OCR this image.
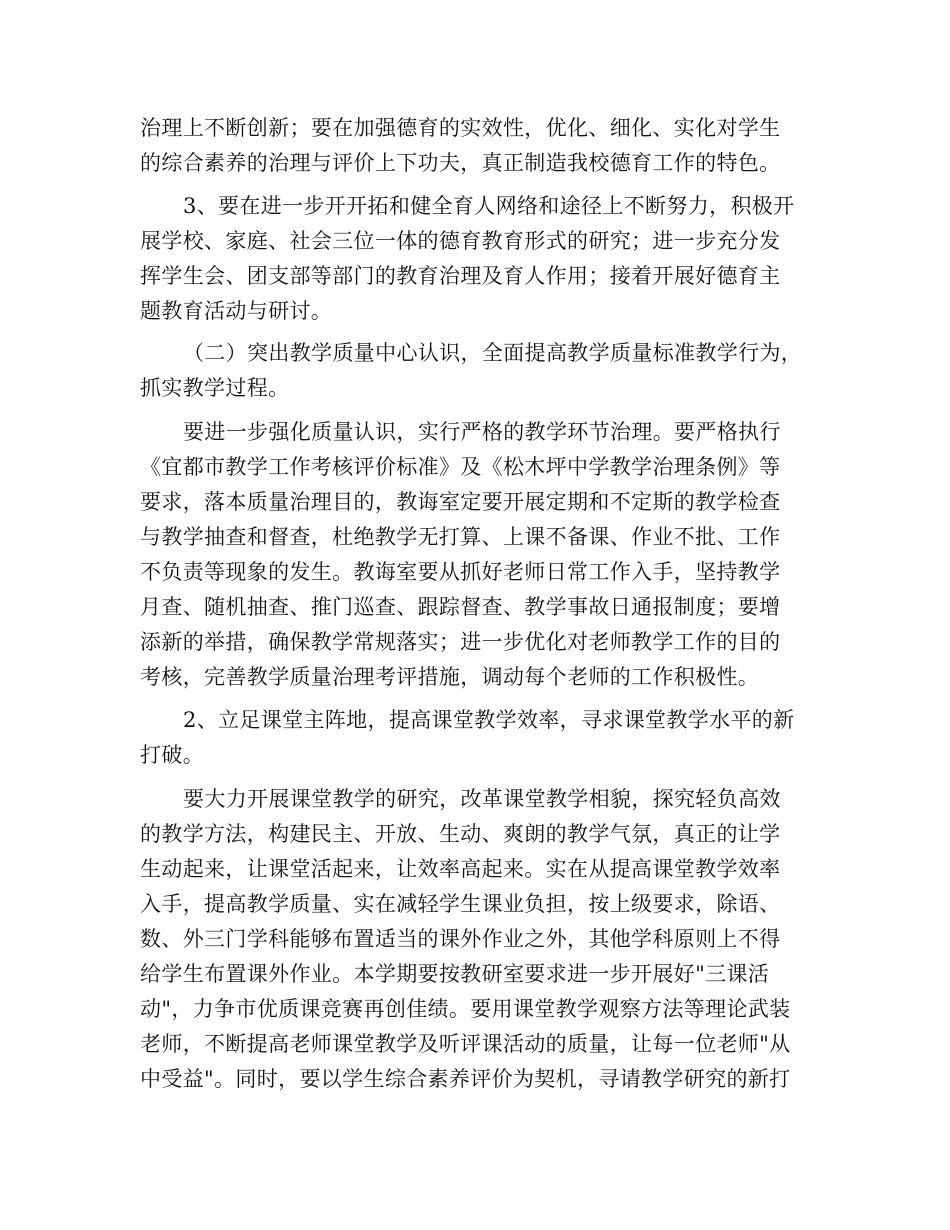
治理上不断创新；要在加强德育的实效性，优化、细化、实化对学生
的综合素养的治理与评价上下功夫，真正制造我校德育工作的特色。
3、要在进一步开开拓和健全育人网络和途径上不断努力，积极开
展学校、家庭、社会三位一体的德育教育形式的研究；进一步充分发
挥学生会、团支部等部门的教育治理及育人作用；接着开展好德育主
题教育活动与研讨。
（二）突出教学质量中心认识，全面提高教学质量标准教学行为，
抓实教学过程。
要进一步强化质量认识，实行严格的教学环节治理。要严格执行
《宜都市教学工作考核评价标准》及《松木坪中学教学治理条例》等
要求，落本质量治理目的，教诲室定要开展定期和不定斯的教学检查
与教学抽查和督查，杜绝教学无打算、上课不备课、作业不批、工作
不负责等现象的发生。教诲室要从抓好老师日常工作入手，坚持教学
月查、随机抽查、推门巡查、跟踪督查、教学事故日通报制度；要增
添新的举措，确保教学常规落实；进一步优化对老师教学工作的目的
考核，完善教学质量治理考评措施，调动每个老师的工作积极性。
2、立足课堂主阵地，提高课堂教学效率，寻求课堂教学水平的新
打破。
要大力开展课堂教学的研究，改革课堂教学相貌，探究轻负高效
的教学方法，构建民主、开放、生动、爽朗的教学气氛，真正的让学
生动起来，让课堂活起来，让效率高起来。实在从提高课堂教学效率
入手，提高教学质量、实在减轻学生课业负担，按上级要求，除语、
数、外三门学科能够布置适当的课外作业之外，其他学科原则上不得
给学生布置课外作业。本学期要按教研室要求进一步开展好"三课活
动"，力争市优质课竞赛再创佳绩。要用课堂教学观察方法等理论武装
老师，不断提高老师课堂教学及听评课活动的质量，让每一位老师"从
中受益"。同时，要以学生综合素养评价为契机，寻请教学研究的新打
